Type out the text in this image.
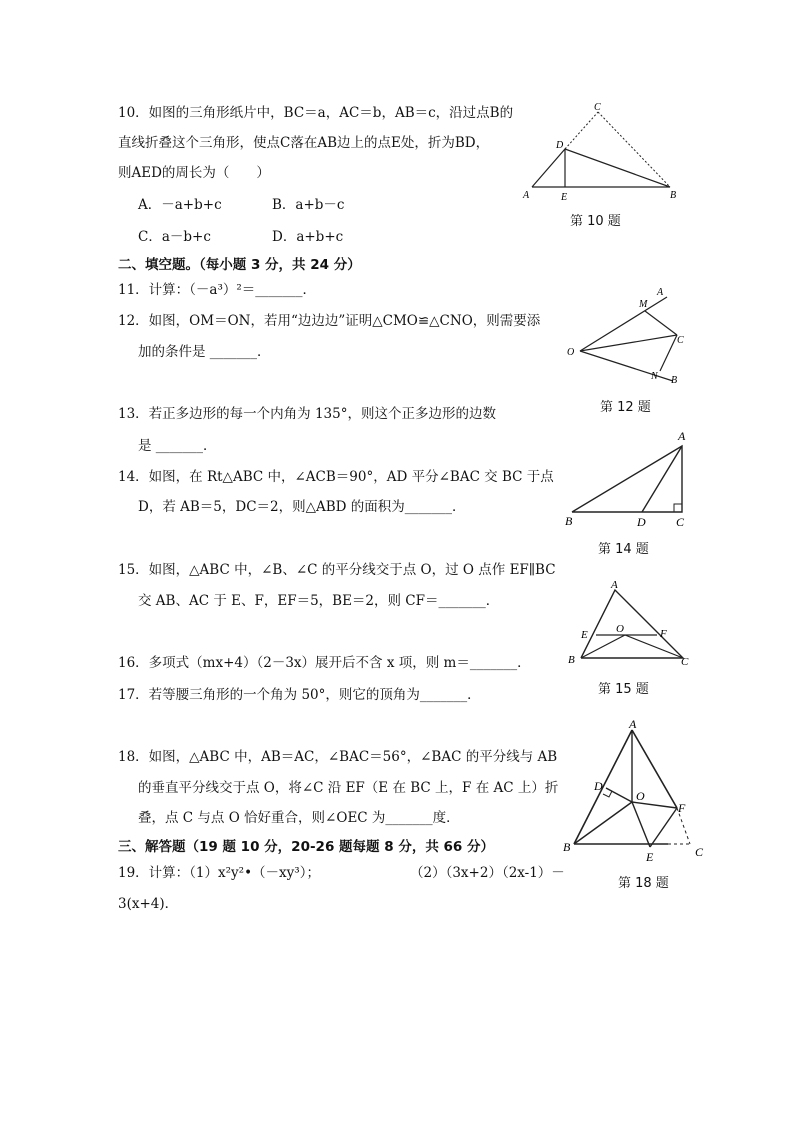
10．如图的三角形纸片中，BC＝a，AC＝b，AB＝c，沿过点B的
直线折叠这个三角形，使点C落在AB边上的点E处，折为BD，
则AED的周长为（　　）
A．－a+b+c	B．a+b－c
C．a－b+c	D．a+b+c
C
D
A	E	B
第 10 题
二、填空题。（每小题 3 分，共 24 分）
11．计算：（－a³）²＝_______．
12．如图，OM＝ON，若用“边边边”证明△CMO≌△CNO，则需要添
加的条件是 _______．
M
A
C
O
N B
第 12 题
13．若正多边形的每一个内角为 135°，则这个正多边形的边数
是 _______．
14．如图，在 Rt△ABC 中，∠ACB＝90°，AD 平分∠BAC 交 BC 于点
D，若 AB＝5，DC＝2，则△ABD 的面积为_______．
A
B	D	C
第 14 题
15．如图，△ABC 中，∠B、∠C 的平分线交于点 O，过 O 点作 EF∥BC
交 AB、AC 于 E、F，EF＝5，BE＝2，则 CF＝_______．
A
E	O	F
B	C
第 15 题
16．多项式（mx+4）（2－3x）展开后不含 x 项，则 m＝_______．
17．若等腰三角形的一个角为 50°，则它的顶角为_______．
18．如图，△ABC 中，AB＝AC，∠BAC＝56°，∠BAC 的平分线与 AB
的垂直平分线交于点 O，将∠C 沿 EF（E 在 BC 上，F 在 AC 上）折
叠，点 C 与点 O 恰好重合，则∠OEC 为_______度．
A
D
O
F
B
E	C
第 18 题
三、解答题（19 题 10 分，20-26 题每题 8 分，共 66 分）
19．计算：（1）x²y²•（－xy³）；	（2）（3x+2）（2x-1）－
3(x+4)．
